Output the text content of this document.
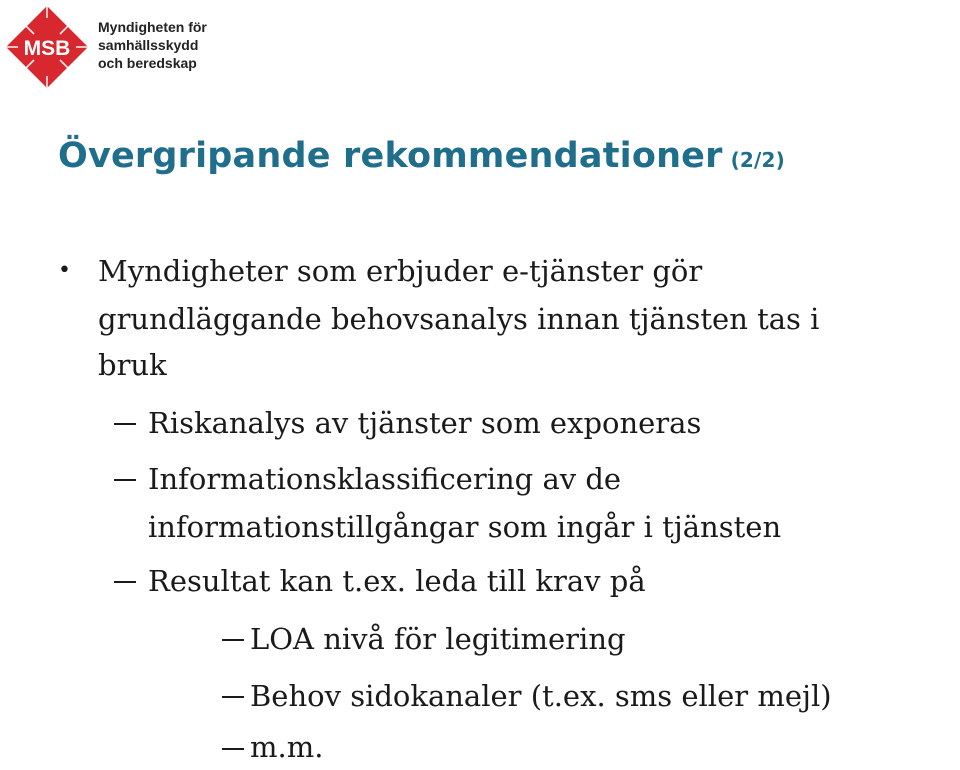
MSB
Myndigheten för
samhällsskydd
och beredskap
Övergripande rekommendationer (2/2)
• Myndigheter som erbjuder e-tjänster gör
grundläggande behovsanalys innan tjänsten tas i
bruk
Riskanalys av tjänster som exponeras
Informationsklassificering av de
informationstillgångar som ingår i tjänsten
Resultat kan t.ex. leda till krav på
LOA nivå för legitimering
Behov sidokanaler (t.ex. sms eller mejl)
m.m.
